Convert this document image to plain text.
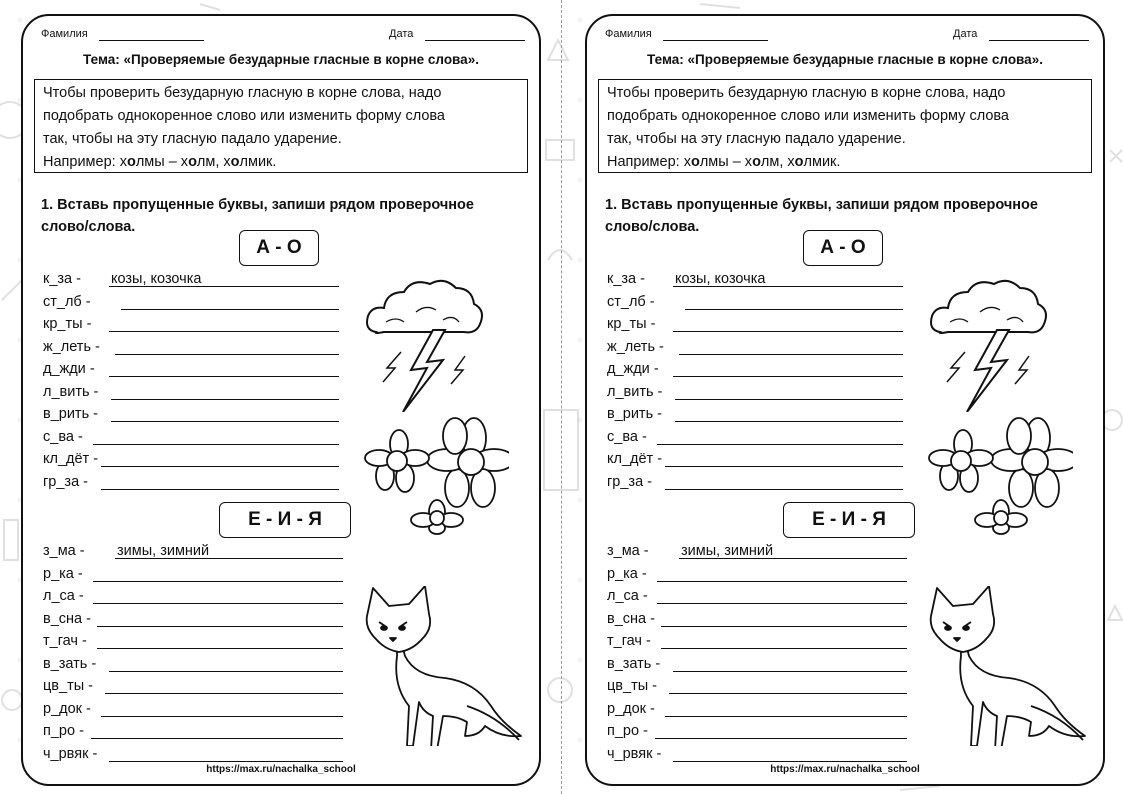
Фамилия	Дата
Тема: «Проверяемые безударные гласные в корне слова».
Чтобы проверить безударную гласную в корне слова, надо
подобрать однокоренное слово или изменить форму слова
так, чтобы на эту гласную падало ударение.
Например: холмы – холм, холмик.
1. Вставь пропущенные буквы, запиши рядом проверочное
слово/слова.
А - О
к_за - козы, козочка
ст_лб -
кр_ты -
ж_леть -
д_жди -
л_вить -
в_рить -
с_ва -
кл_дёт -
гр_за -
Е - И - Я
з_ма - зимы, зимний
р_ка -
л_са -
в_сна -
т_гач -
в_зать -
цв_ты -
р_док -
п_ро -
ч_рвяк -
https://max.ru/nachalka_school
Фамилия	Дата
Тема: «Проверяемые безударные гласные в корне слова».
Чтобы проверить безударную гласную в корне слова, надо
подобрать однокоренное слово или изменить форму слова
так, чтобы на эту гласную падало ударение.
Например: холмы – холм, холмик.
1. Вставь пропущенные буквы, запиши рядом проверочное
слово/слова.
А - О
к_за - козы, козочка
ст_лб -
кр_ты -
ж_леть -
д_жди -
л_вить -
в_рить -
с_ва -
кл_дёт -
гр_за -
Е - И - Я
з_ма - зимы, зимний
р_ка -
л_са -
в_сна -
т_гач -
в_зать -
цв_ты -
р_док -
п_ро -
ч_рвяк -
https://max.ru/nachalka_school
